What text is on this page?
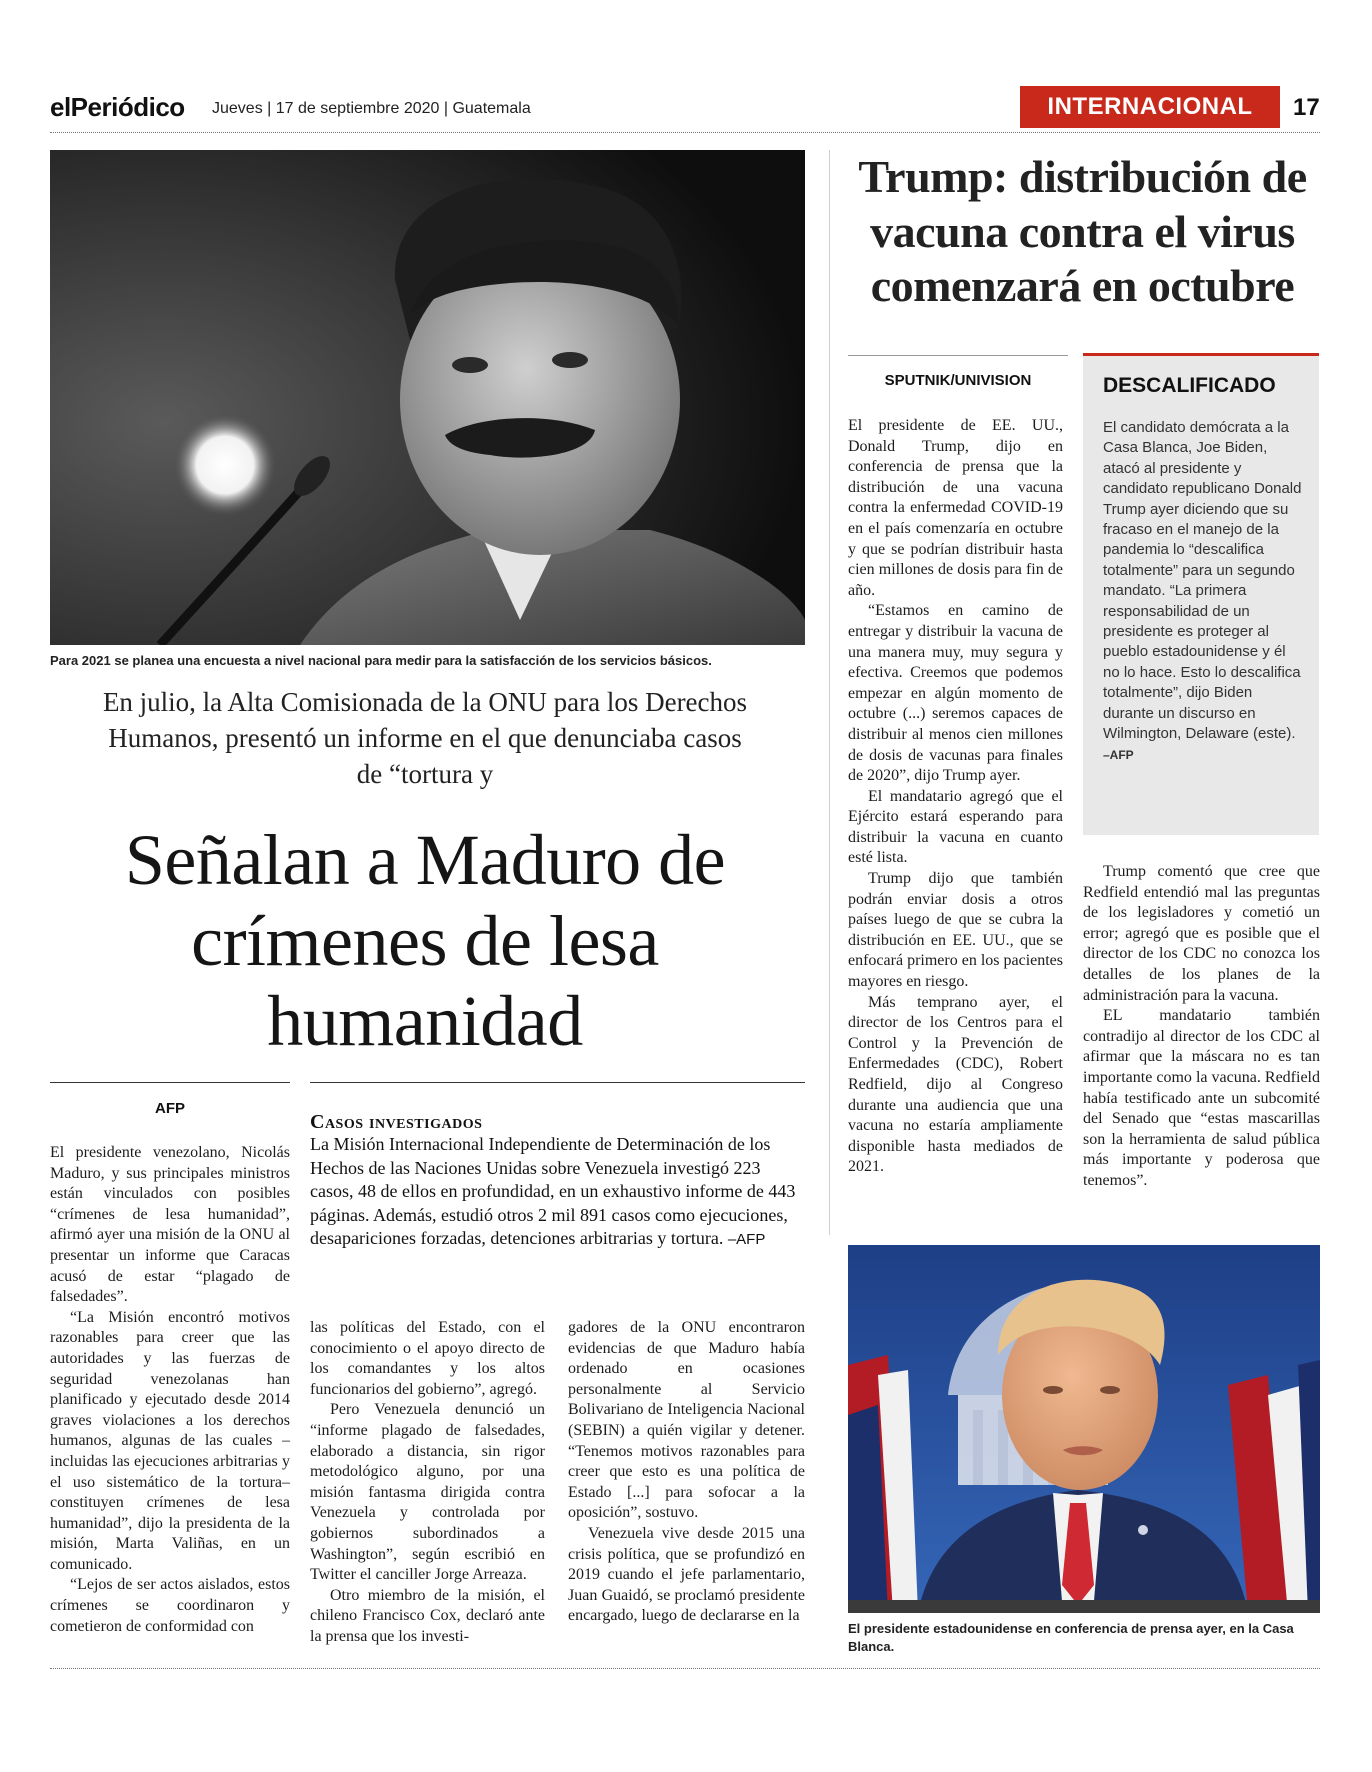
elPeriódico Jueves | 17 de septiembre 2020 | Guatemala	INTERNACIONAL	17
Para 2021 se planea una encuesta a nivel nacional para medir para la satisfacción de los servicios básicos.
En julio, la Alta Comisionada de la ONU para los Derechos Humanos, presentó un informe en el que denunciaba casos de “tortura y
Señalan a Maduro de crímenes de lesa humanidad
AFP
Casos investigados
La Misión Internacional Independiente de Determinación de los Hechos de las Naciones Unidas sobre Venezuela investigó 223 casos, 48 de ellos en profundidad, en un exhaustivo informe de 443 páginas. Además, estudió otros 2 mil 891 casos como ejecuciones, desapariciones forzadas, detenciones arbitrarias y tortura. –AFP

El presidente venezolano, Nicolás Maduro, y sus principales ministros están vinculados con posibles “crímenes de lesa humanidad”, afirmó ayer una misión de la ONU al presentar un informe que Caracas acusó de estar “plagado de falsedades”.

“La Misión encontró motivos razonables para creer que las autoridades y las fuerzas de seguridad venezolanas han planificado y ejecutado desde 2014 graves violaciones a los derechos humanos, algunas de las cuales –incluidas las ejecuciones arbitrarias y el uso sistemático de la tortura– constituyen crímenes de lesa humanidad”, dijo la presidenta de la misión, Marta Valiñas, en un comunicado.

“Lejos de ser actos aislados, estos crímenes se coordinaron y cometieron de conformidad con

las políticas del Estado, con el conocimiento o el apoyo directo de los comandantes y los altos funcionarios del gobierno”, agregó.

Pero Venezuela denunció un “informe plagado de falsedades, elaborado a distancia, sin rigor metodológico alguno, por una misión fantasma dirigida contra Venezuela y controlada por gobiernos subordinados a Washington”, según escribió en Twitter el canciller Jorge Arreaza.

Otro miembro de la misión, el chileno Francisco Cox, declaró ante la prensa que los investi-

gadores de la ONU encontraron evidencias de que Maduro había ordenado en ocasiones personalmente al Servicio Bolivariano de Inteligencia Nacional (SEBIN) a quién vigilar y detener. “Tenemos motivos razonables para creer que esto es una política de Estado [...] para sofocar a la oposición”, sostuvo.

Venezuela vive desde 2015 una crisis política, que se profundizó en 2019 cuando el jefe parlamentario, Juan Guaidó, se proclamó presidente encargado, luego de declararse en la

Trump: distribución de vacuna contra el virus comenzará en octubre
SPUTNIK/UNIVISION

El presidente de EE. UU., Donald Trump, dijo en conferencia de prensa que la distribución de una vacuna contra la enfermedad COVID-19 en el país comenzaría en octubre y que se podrían distribuir hasta cien millones de dosis para fin de año.

“Estamos en camino de entregar y distribuir la vacuna de una manera muy, muy segura y efectiva. Creemos que podemos empezar en algún momento de octubre (...) seremos capaces de distribuir al menos cien millones de dosis de vacunas para finales de 2020”, dijo Trump ayer.

El mandatario agregó que el Ejército estará esperando para distribuir la vacuna en cuanto esté lista.

Trump dijo que también podrán enviar dosis a otros países luego de que se cubra la distribución en EE. UU., que se enfocará primero en los pacientes mayores en riesgo.

Más temprano ayer, el director de los Centros para el Control y la Prevención de Enfermedades (CDC), Robert Redfield, dijo al Congreso durante una audiencia que una vacuna no estaría ampliamente disponible hasta mediados de 2021.

DESCALIFICADO
El candidato demócrata a la Casa Blanca, Joe Biden, atacó al presidente y candidato republicano Donald Trump ayer diciendo que su fracaso en el manejo de la pandemia lo “descalifica totalmente” para un segundo mandato. “La primera responsabilidad de un presidente es proteger al pueblo estadounidense y él no lo hace. Esto lo descalifica totalmente”, dijo Biden durante un discurso en Wilmington, Delaware (este). –AFP

Trump comentó que cree que Redfield entendió mal las preguntas de los legisladores y cometió un error; agregó que es posible que el director de los CDC no conozca los detalles de los planes de la administración para la vacuna.

EL mandatario también contradijo al director de los CDC al afirmar que la máscara no es tan importante como la vacuna. Redfield había testificado ante un subcomité del Senado que “estas mascarillas son la herramienta de salud pública más importante y poderosa que tenemos”.

El presidente estadounidense en conferencia de prensa ayer, en la Casa Blanca.
